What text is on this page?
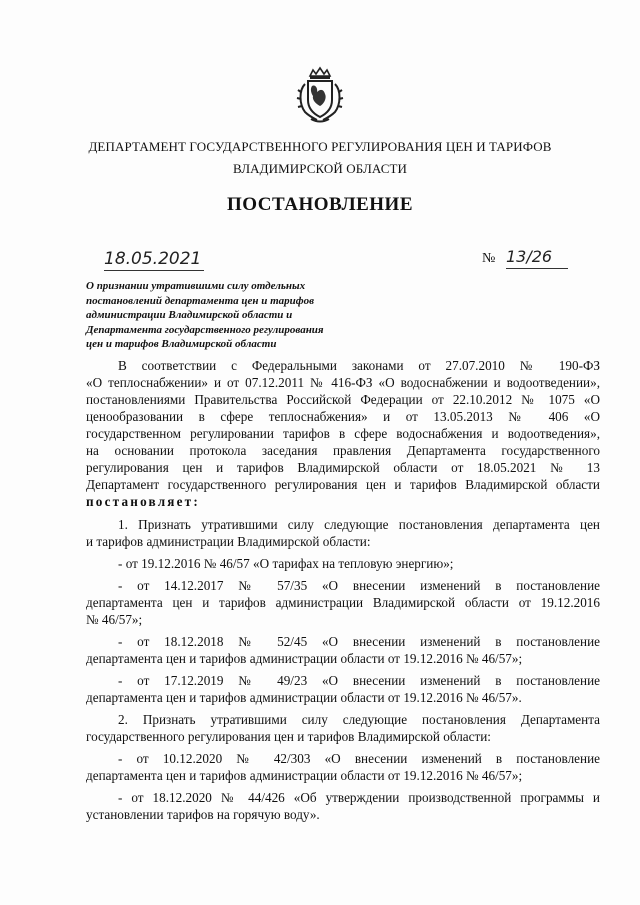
ДЕПАРТАМЕНТ ГОСУДАРСТВЕННОГО РЕГУЛИРОВАНИЯ ЦЕН И ТАРИФОВ
ВЛАДИМИРСКОЙ ОБЛАСТИ
ПОСТАНОВЛЕНИЕ
18.05.2021	№ 13/26
О признании утратившими силу отдельных
постановлений департамента цен и тарифов
администрации Владимирской области и
Департамента государственного регулирования
цен и тарифов Владимирской области
В соответствии с Федеральными законами от 27.07.2010 № 190-ФЗ
«О теплоснабжении» и от 07.12.2011 № 416-ФЗ «О водоснабжении и водоотведении»,
постановлениями Правительства Российской Федерации от 22.10.2012 № 1075 «О
ценообразовании в сфере теплоснабжения» и от 13.05.2013 № 406 «О
государственном регулировании тарифов в сфере водоснабжения и водоотведения»,
на основании протокола заседания правления Департамента государственного
регулирования цен и тарифов Владимирской области от 18.05.2021 № 13
Департамент государственного регулирования цен и тарифов Владимирской области
постановляет:
1. Признать утратившими силу следующие постановления департамента цен
и тарифов администрации Владимирской области:
- от 19.12.2016 № 46/57 «О тарифах на тепловую энергию»;
- от 14.12.2017 № 57/35 «О внесении изменений в постановление
департамента цен и тарифов администрации Владимирской области от 19.12.2016
№ 46/57»;
- от 18.12.2018 № 52/45 «О внесении изменений в постановление
департамента цен и тарифов администрации области от 19.12.2016 № 46/57»;
- от 17.12.2019 № 49/23 «О внесении изменений в постановление
департамента цен и тарифов администрации области от 19.12.2016 № 46/57».
2. Признать утратившими силу следующие постановления Департамента
государственного регулирования цен и тарифов Владимирской области:
- от 10.12.2020 № 42/303 «О внесении изменений в постановление
департамента цен и тарифов администрации области от 19.12.2016 № 46/57»;
- от 18.12.2020 № 44/426 «Об утверждении производственной программы и
установлении тарифов на горячую воду».
